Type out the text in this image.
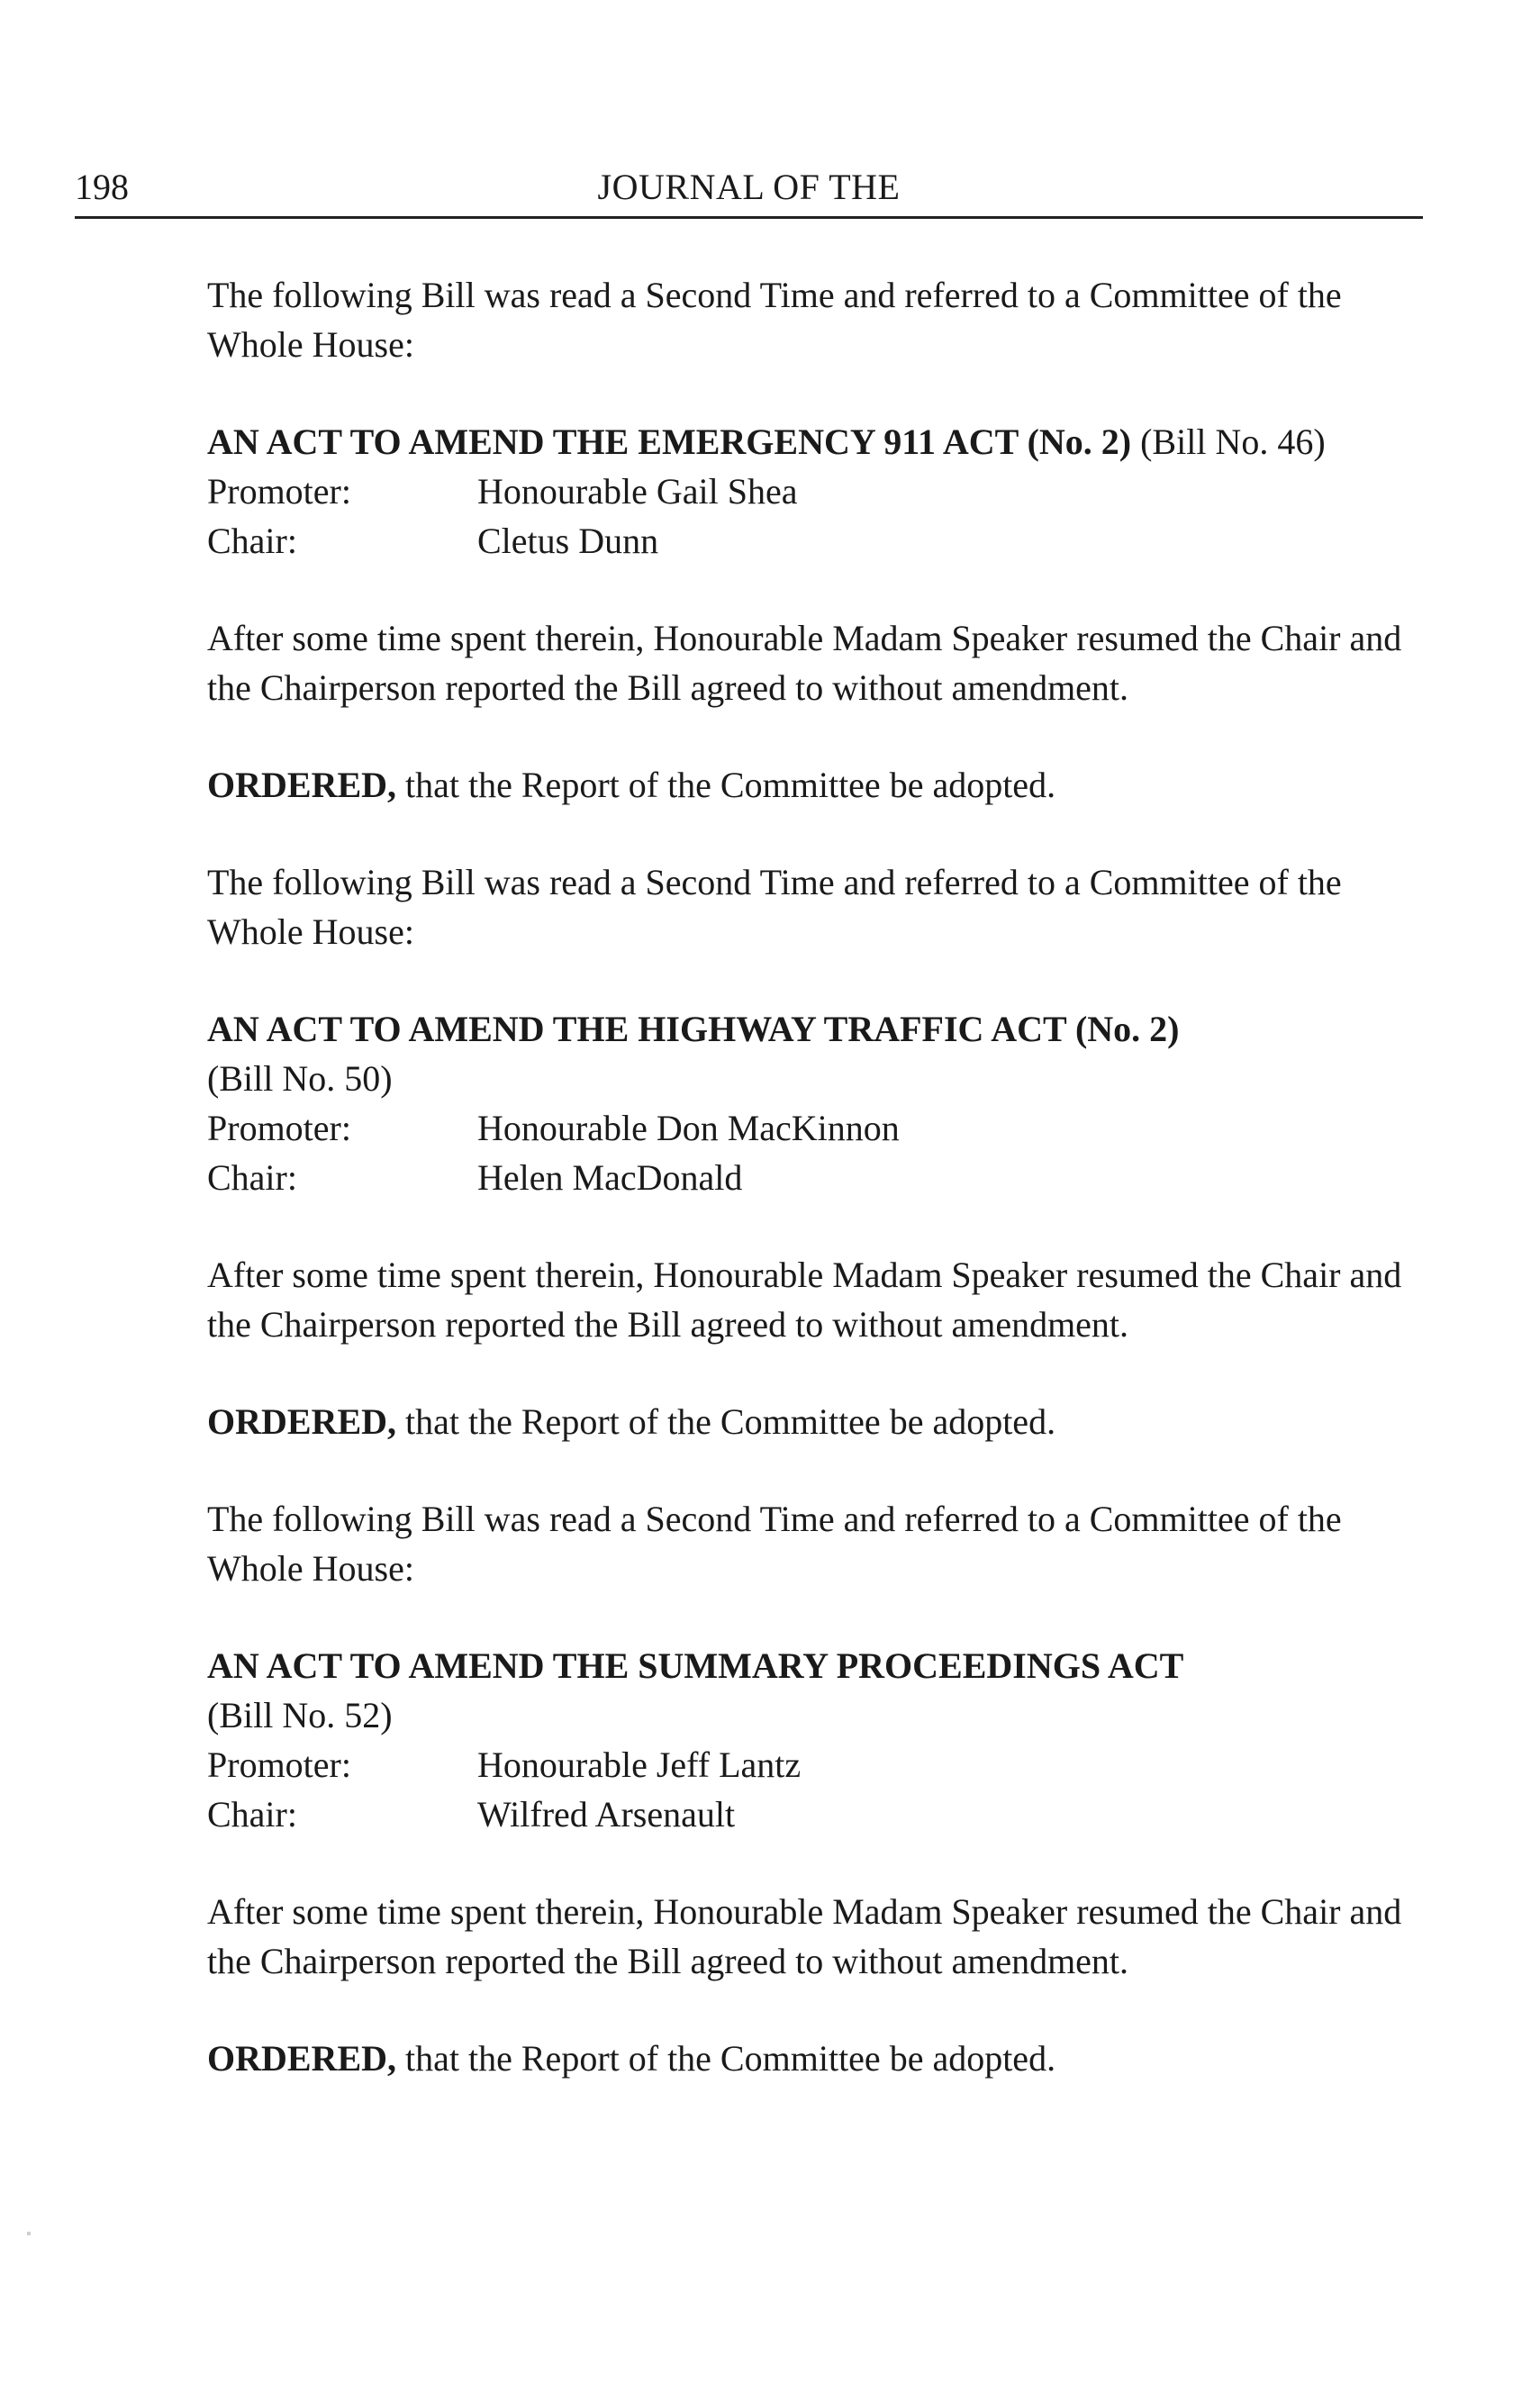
198	JOURNAL OF THE

The following Bill was read a Second Time and referred to a Committee of the Whole House:

AN ACT TO AMEND THE EMERGENCY 911 ACT (No. 2) (Bill No. 46)

Promoter:	Honourable Gail Shea
Chair:	Cletus Dunn

After some time spent therein, Honourable Madam Speaker resumed the Chair and the Chairperson reported the Bill agreed to without amendment.

ORDERED, that the Report of the Committee be adopted.

The following Bill was read a Second Time and referred to a Committee of the Whole House:

AN ACT TO AMEND THE HIGHWAY TRAFFIC ACT (No. 2)
(Bill No. 50)

Promoter:	Honourable Don MacKinnon
Chair:	Helen MacDonald

After some time spent therein, Honourable Madam Speaker resumed the Chair and the Chairperson reported the Bill agreed to without amendment.

ORDERED, that the Report of the Committee be adopted.

The following Bill was read a Second Time and referred to a Committee of the Whole House:

AN ACT TO AMEND THE SUMMARY PROCEEDINGS ACT
(Bill No. 52)

Promoter:	Honourable Jeff Lantz
Chair:	Wilfred Arsenault

After some time spent therein, Honourable Madam Speaker resumed the Chair and the Chairperson reported the Bill agreed to without amendment.

ORDERED, that the Report of the Committee be adopted.
